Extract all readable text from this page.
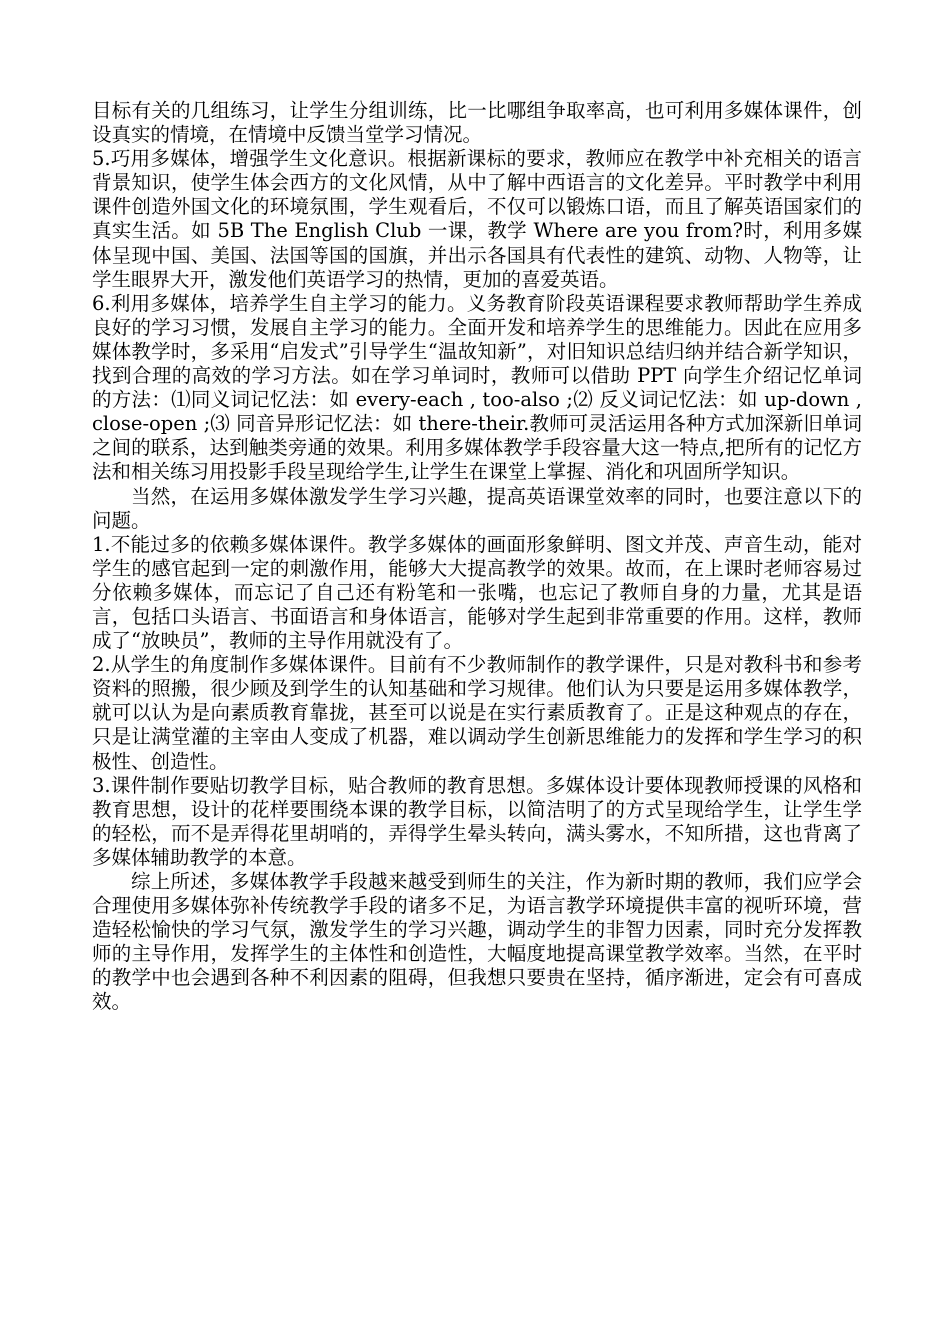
目标有关的几组练习，让学生分组训练，比一比哪组争取率高，也可利用多媒体课件，创设真实的情境，在情境中反馈当堂学习情况。

5.巧用多媒体，增强学生文化意识。根据新课标的要求，教师应在教学中补充相关的语言背景知识，使学生体会西方的文化风情，从中了解中西语言的文化差异。平时教学中利用课件创造外国文化的环境氛围，学生观看后，不仅可以锻炼口语，而且了解英语国家们的真实生活。如 5B The English Club 一课，教学 Where are you from?时，利用多媒体呈现中国、美国、法国等国的国旗，并出示各国具有代表性的建筑、动物、人物等，让学生眼界大开，激发他们英语学习的热情，更加的喜爱英语。

6.利用多媒体，培养学生自主学习的能力。义务教育阶段英语课程要求教师帮助学生养成良好的学习习惯，发展自主学习的能力。全面开发和培养学生的思维能力。因此在应用多媒体教学时，多采用“启发式”引导学生“温故知新”，对旧知识总结归纳并结合新学知识，找到合理的高效的学习方法。如在学习单词时，教师可以借助 PPT 向学生介绍记忆单词的方法：⑴同义词记忆法：如 every-each , too-also ;⑵ 反义词记忆法：如 up-down , close-open ;⑶ 同音异形记忆法：如 there-their.教师可灵活运用各种方式加深新旧单词之间的联系，达到触类旁通的效果。利用多媒体教学手段容量大这一特点,把所有的记忆方法和相关练习用投影手段呈现给学生,让学生在课堂上掌握、消化和巩固所学知识。

当然，在运用多媒体激发学生学习兴趣，提高英语课堂效率的同时，也要注意以下的问题。

1.不能过多的依赖多媒体课件。教学多媒体的画面形象鲜明、图文并茂、声音生动，能对学生的感官起到一定的刺激作用，能够大大提高教学的效果。故而，在上课时老师容易过分依赖多媒体，而忘记了自己还有粉笔和一张嘴，也忘记了教师自身的力量，尤其是语言，包括口头语言、书面语言和身体语言，能够对学生起到非常重要的作用。这样，教师成了“放映员”，教师的主导作用就没有了。

2.从学生的角度制作多媒体课件。目前有不少教师制作的教学课件，只是对教科书和参考资料的照搬，很少顾及到学生的认知基础和学习规律。他们认为只要是运用多媒体教学，就可以认为是向素质教育靠拢，甚至可以说是在实行素质教育了。正是这种观点的存在，只是让满堂灌的主宰由人变成了机器，难以调动学生创新思维能力的发挥和学生学习的积极性、创造性。

3.课件制作要贴切教学目标，贴合教师的教育思想。多媒体设计要体现教师授课的风格和教育思想，设计的花样要围绕本课的教学目标，以简洁明了的方式呈现给学生，让学生学的轻松，而不是弄得花里胡哨的，弄得学生晕头转向，满头雾水，不知所措，这也背离了多媒体辅助教学的本意。

综上所述，多媒体教学手段越来越受到师生的关注，作为新时期的教师，我们应学会合理使用多媒体弥补传统教学手段的诸多不足，为语言教学环境提供丰富的视听环境，营造轻松愉快的学习气氛，激发学生的学习兴趣，调动学生的非智力因素，同时充分发挥教师的主导作用，发挥学生的主体性和创造性，大幅度地提高课堂教学效率。当然，在平时的教学中也会遇到各种不利因素的阻碍，但我想只要贵在坚持，循序渐进，定会有可喜成效。
